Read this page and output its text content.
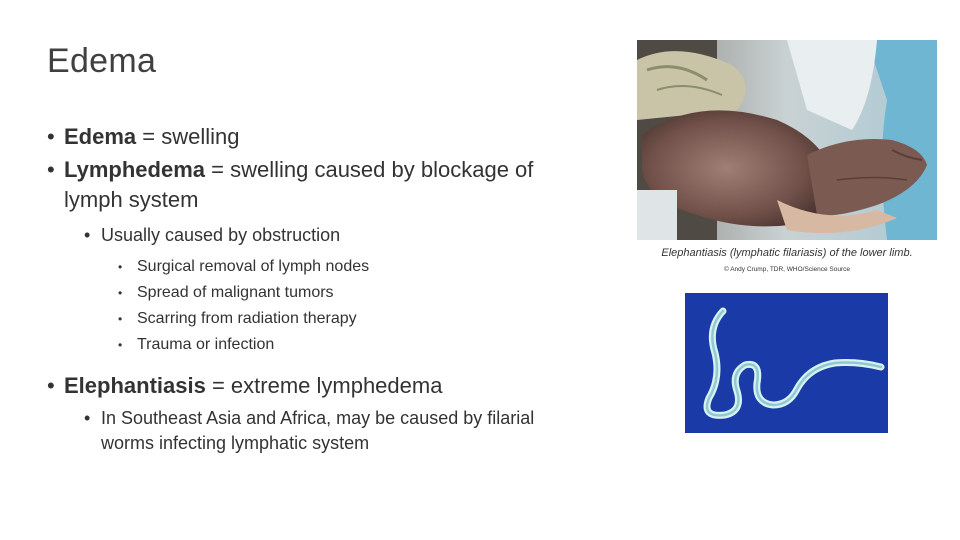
Edema
• Edema = swelling
• Lymphedema = swelling caused by blockage of lymph system
• Usually caused by obstruction
• Surgical removal of lymph nodes
• Spread of malignant tumors
• Scarring from radiation therapy
• Trauma or infection
• Elephantiasis = extreme lymphedema
• In Southeast Asia and Africa, may be caused by filarial worms infecting lymphatic system
Elephantiasis (lymphatic filariasis) of the lower limb.
© Andy Crump, TDR, WHO/Science Source
